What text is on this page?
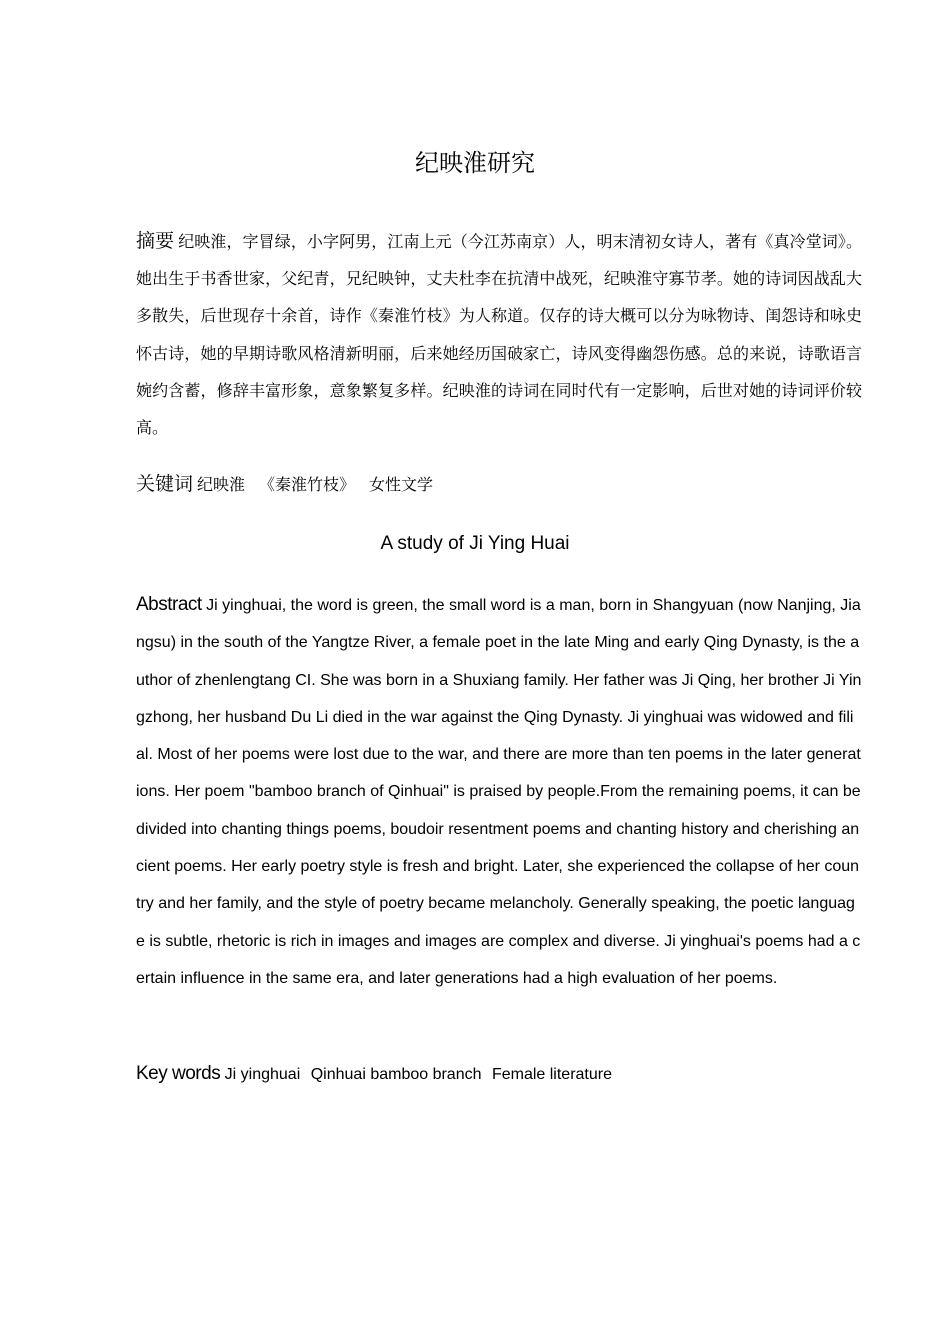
纪映淮研究
摘要 纪映淮，字冒绿，小字阿男，江南上元（今江苏南京）人，明末清初女诗人，著有《真冷堂词》。她出生于书香世家，父纪青，兄纪映钟，丈夫杜李在抗清中战死，纪映淮守寡节孝。她的诗词因战乱大多散失，后世现存十余首，诗作《秦淮竹枝》为人称道。仅存的诗大概可以分为咏物诗、闺怨诗和咏史怀古诗，她的早期诗歌风格清新明丽，后来她经历国破家亡，诗风变得幽怨伤感。总的来说，诗歌语言婉约含蓄，修辞丰富形象，意象繁复多样。纪映淮的诗词在同时代有一定影响，后世对她的诗词评价较高。
关键词 纪映淮 《秦淮竹枝》 女性文学
A study of Ji Ying Huai
Abstract Ji yinghuai, the word is green, the small word is a man, born in Shangyuan (now Nanjing, Jiangsu) in the south of the Yangtze River, a female poet in the late Ming and early Qing Dynasty, is the author of zhenlengtang CI. She was born in a Shuxiang family. Her father was Ji Qing, her brother Ji Yingzhong, her husband Du Li died in the war against the Qing Dynasty. Ji yinghuai was widowed and filial. Most of her poems were lost due to the war, and there are more than ten poems in the later generations. Her poem "bamboo branch of Qinhuai" is praised by people.From the remaining poems, it can be divided into chanting things poems, boudoir resentment poems and chanting history and cherishing ancient poems. Her early poetry style is fresh and bright. Later, she experienced the collapse of her country and her family, and the style of poetry became melancholy. Generally speaking, the poetic language is subtle, rhetoric is rich in images and images are complex and diverse. Ji yinghuai's poems had a certain influence in the same era, and later generations had a high evaluation of her poems.
Key words Ji yinghuai Qinhuai bamboo branch Female literature
